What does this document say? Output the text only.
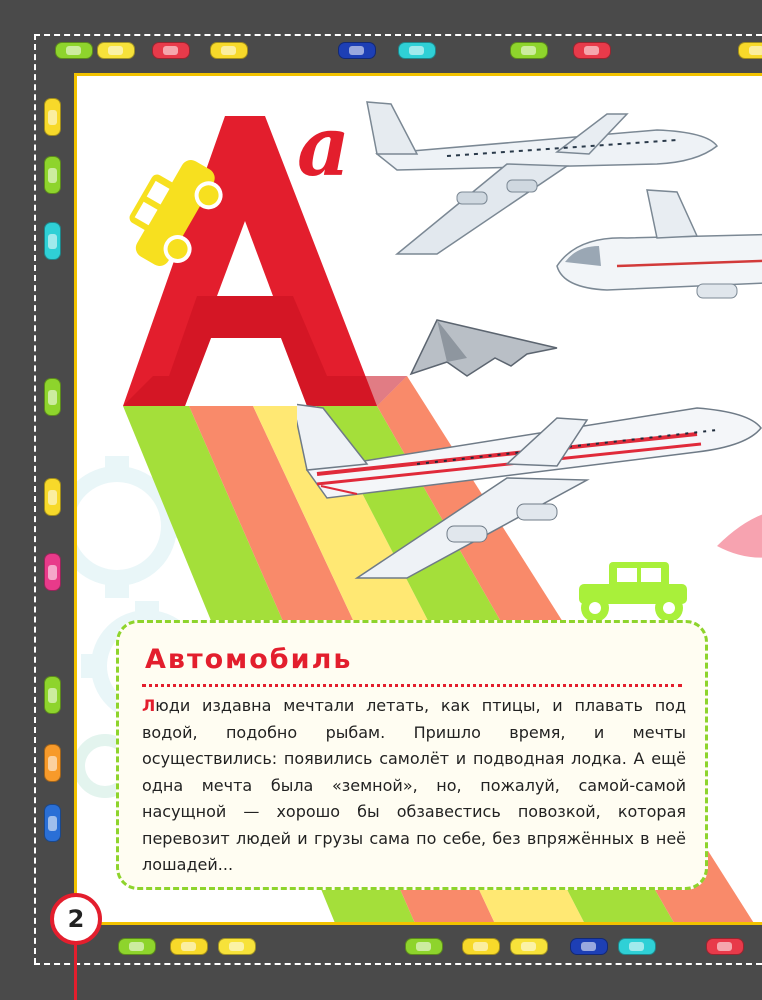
а
Автомобиль

Люди издавна мечтали летать, как птицы, и плавать под водой, подобно рыбам. Пришло время, и мечты осуществились: появились самолёт и подводная лодка. А ещё одна мечта была «земной», но, пожалуй, самой-самой насущной — хорошо бы обзавестись повозкой, которая перевозит людей и грузы сама по себе, без впряжённых в неё лошадей...

2
